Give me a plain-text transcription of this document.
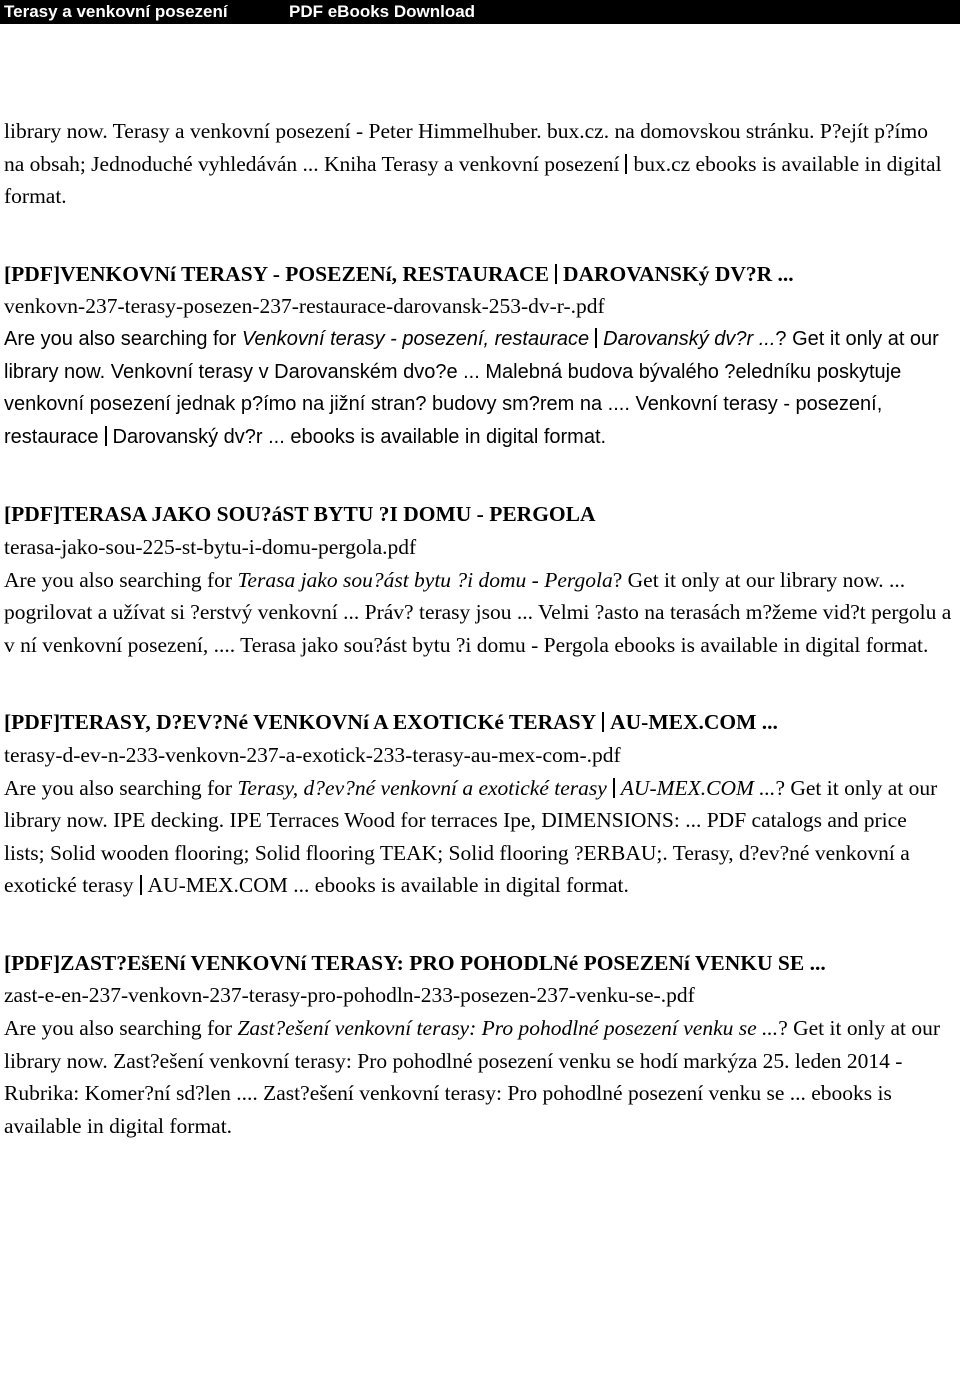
Terasy a venkovní posezení	PDF eBooks Download

library now. Terasy a venkovní posezení - Peter Himmelhuber. bux.cz. na domovskou stránku. P?ejít p?ímo na obsah; Jednoduché vyhledáván ... Kniha Terasy a venkovní posezení bux.cz ebooks is available in digital format.

[PDF]VENKOVNí TERASY - POSEZENí, RESTAURACE DAROVANSKý DV?R ...

venkovn-237-terasy-posezen-237-restaurace-darovansk-253-dv-r-.pdf

Are you also searching for Venkovní terasy - posezení, restaurace Darovanský dv?r ...? Get it only at our library now. Venkovní terasy v Darovanském dvo?e ... Malebná budova bývalého ?eledníku poskytuje venkovní posezení jednak p?ímo na jižní stran? budovy sm?rem na .... Venkovní terasy - posezení, restaurace Darovanský dv?r ... ebooks is available in digital format.

[PDF]TERASA JAKO SOU?áST BYTU ?I DOMU - PERGOLA

terasa-jako-sou-225-st-bytu-i-domu-pergola.pdf
Are you also searching for Terasa jako sou?ást bytu ?i domu - Pergola? Get it only at our library now. ... pogrilovat a užívat si ?erstvý venkovní ... Práv? terasy jsou ... Velmi ?asto na terasách m?žeme vid?t pergolu a v ní venkovní posezení, .... Terasa jako sou?ást bytu ?i domu - Pergola ebooks is available in digital format.

[PDF]TERASY, D?EV?Né VENKOVNí A EXOTICKé TERASY AU-MEX.COM ...

terasy-d-ev-n-233-venkovn-237-a-exotick-233-terasy-au-mex-com-.pdf
Are you also searching for Terasy, d?ev?né venkovní a exotické terasy AU-MEX.COM ...? Get it only at our library now. IPE decking. IPE Terraces Wood for terraces Ipe, DIMENSIONS: ... PDF catalogs and price lists; Solid wooden flooring; Solid flooring TEAK; Solid flooring ?ERBAU;. Terasy, d?ev?né venkovní a exotické terasy AU-MEX.COM ... ebooks is available in digital format.

[PDF]ZAST?EšENí VENKOVNí TERASY: PRO POHODLNé POSEZENí VENKU SE ...

zast-e-en-237-venkovn-237-terasy-pro-pohodln-233-posezen-237-venku-se-.pdf
Are you also searching for Zast?ešení venkovní terasy: Pro pohodlné posezení venku se ...? Get it only at our library now. Zast?ešení venkovní terasy: Pro pohodlné posezení venku se hodí markýza 25. leden 2014 - Rubrika: Komer?ní sd?len .... Zast?ešení venkovní terasy: Pro pohodlné posezení venku se ... ebooks is available in digital format.
